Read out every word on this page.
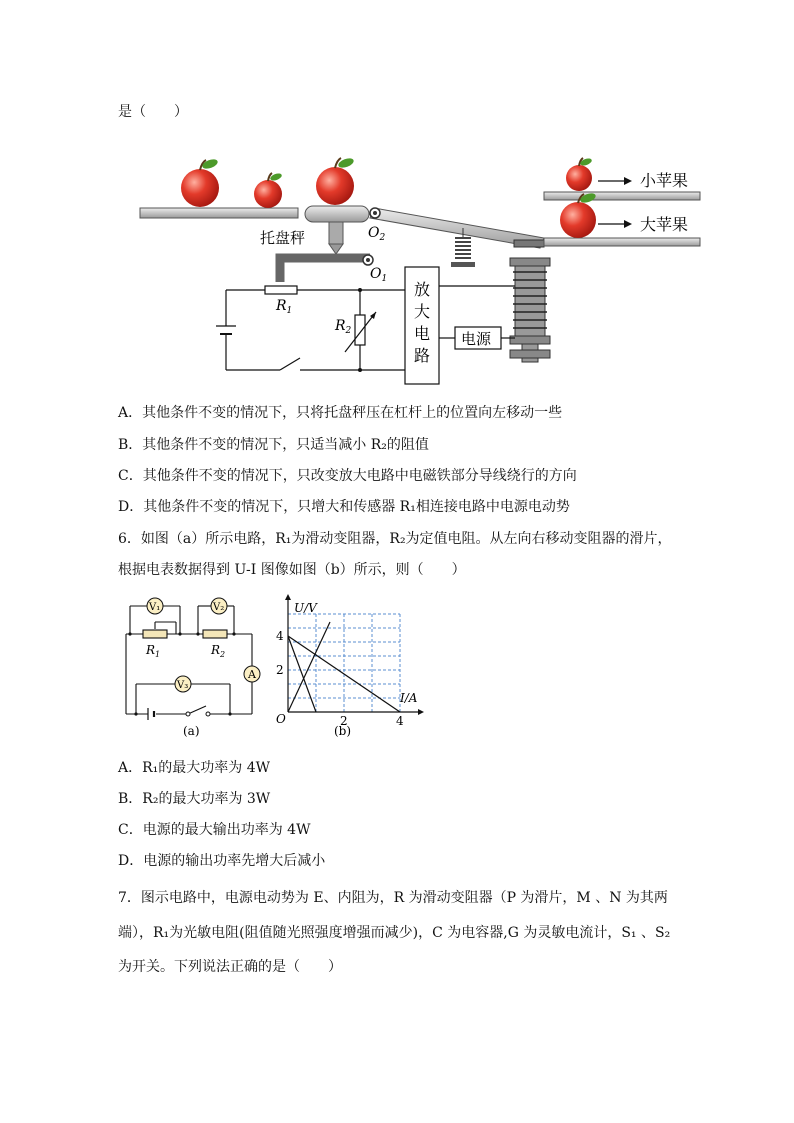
是（　　）
托盘秤	$O_2$
小苹果
大苹果
$O_1$
$R_1$
$R_2$
放
大
电
路
电源
A．其他条件不变的情况下，只将托盘秤压在杠杆上的位置向左移动一些
B．其他条件不变的情况下，只适当减小 R₂的阻值
C．其他条件不变的情况下，只改变放大电路中电磁铁部分导线绕行的方向
D．其他条件不变的情况下，只增大和传感器 R₁相连接电路中电源电动势
6．如图（a）所示电路，R₁为滑动变阻器，R₂为定值电阻。从左向右移动变阻器的滑片，
根据电表数据得到 U-I 图像如图（b）所示，则（　　）
V₁	V₂
V₃
A
$R_1$	$R_2$
(a)
U/V
I/A
O
4
2
2	4
(b)
A．R₁的最大功率为 4W
B．R₂的最大功率为 3W
C．电源的最大输出功率为 4W
D．电源的输出功率先增大后减小
7．图示电路中，电源电动势为 E、内阻为，R 为滑动变阻器（P 为滑片，M 、N 为其两
端），R₁为光敏电阻(阻值随光照强度增强而减少)，C 为电容器,G 为灵敏电流计，S₁ 、S₂
为开关。下列说法正确的是（　　）
